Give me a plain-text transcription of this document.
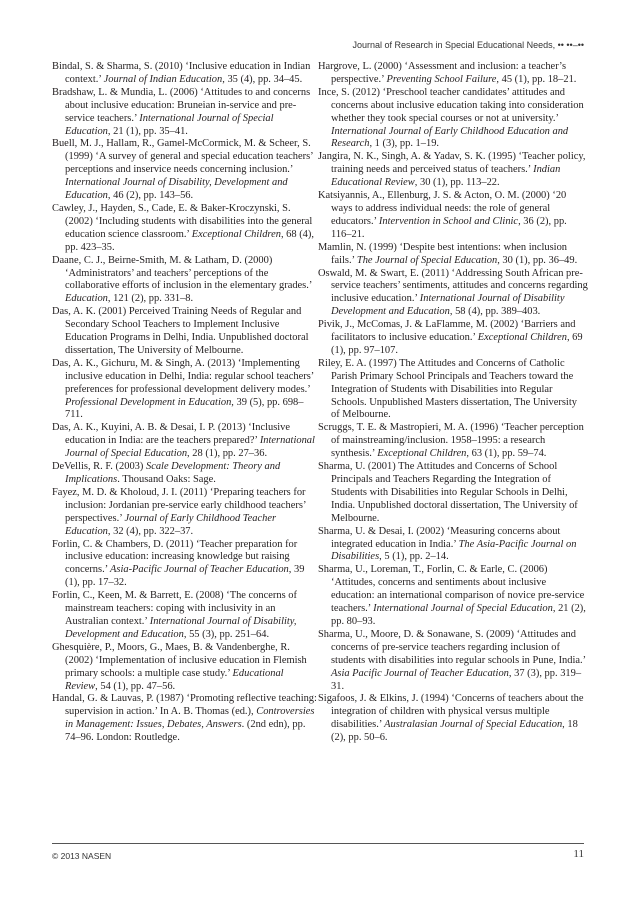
Journal of Research in Special Educational Needs, •• ••–••

Bindal, S. & Sharma, S. (2010) ‘Inclusive education in Indian context.’ Journal of Indian Education, 35 (4), pp. 34–45.

Bradshaw, L. & Mundia, L. (2006) ‘Attitudes to and concerns about inclusive education: Bruneian in-service and pre-service teachers.’ International Journal of Special Education, 21 (1), pp. 35–41.

Buell, M. J., Hallam, R., Gamel-McCormick, M. & Scheer, S. (1999) ‘A survey of general and special education teachers’ perceptions and inservice needs concerning inclusion.’ International Journal of Disability, Development and Education, 46 (2), pp. 143–56.

Cawley, J., Hayden, S., Cade, E. & Baker-Kroczynski, S. (2002) ‘Including students with disabilities into the general education science classroom.’ Exceptional Children, 68 (4), pp. 423–35.

Daane, C. J., Beirne-Smith, M. & Latham, D. (2000) ‘Administrators’ and teachers’ perceptions of the collaborative efforts of inclusion in the elementary grades.’ Education, 121 (2), pp. 331–8.

Das, A. K. (2001) Perceived Training Needs of Regular and Secondary School Teachers to Implement Inclusive Education Programs in Delhi, India. Unpublished doctoral dissertation, The University of Melbourne.

Das, A. K., Gichuru, M. & Singh, A. (2013) ‘Implementing inclusive education in Delhi, India: regular school teachers’ preferences for professional development delivery modes.’ Professional Development in Education, 39 (5), pp. 698–711.

Das, A. K., Kuyini, A. B. & Desai, I. P. (2013) ‘Inclusive education in India: are the teachers prepared?’ International Journal of Special Education, 28 (1), pp. 27–36.

DeVellis, R. F. (2003) Scale Development: Theory and Implications. Thousand Oaks: Sage.

Fayez, M. D. & Kholoud, J. I. (2011) ‘Preparing teachers for inclusion: Jordanian pre-service early childhood teachers’ perspectives.’ Journal of Early Childhood Teacher Education, 32 (4), pp. 322–37.

Forlin, C. & Chambers, D. (2011) ‘Teacher preparation for inclusive education: increasing knowledge but raising concerns.’ Asia-Pacific Journal of Teacher Education, 39 (1), pp. 17–32.

Forlin, C., Keen, M. & Barrett, E. (2008) ‘The concerns of mainstream teachers: coping with inclusivity in an Australian context.’ International Journal of Disability, Development and Education, 55 (3), pp. 251–64.

Ghesquière, P., Moors, G., Maes, B. & Vandenberghe, R. (2002) ‘Implementation of inclusive education in Flemish primary schools: a multiple case study.’ Educational Review, 54 (1), pp. 47–56.

Handal, G. & Lauvas, P. (1987) ‘Promoting reflective teaching: supervision in action.’ In A. B. Thomas (ed.), Controversies in Management: Issues, Debates, Answers. (2nd edn), pp. 74–96. London: Routledge.

Hargrove, L. (2000) ‘Assessment and inclusion: a teacher’s perspective.’ Preventing School Failure, 45 (1), pp. 18–21.

Ince, S. (2012) ‘Preschool teacher candidates’ attitudes and concerns about inclusive education taking into consideration whether they took special courses or not at university.’ International Journal of Early Childhood Education and Research, 1 (3), pp. 1–19.

Jangira, N. K., Singh, A. & Yadav, S. K. (1995) ‘Teacher policy, training needs and perceived status of teachers.’ Indian Educational Review, 30 (1), pp. 113–22.

Katsiyannis, A., Ellenburg, J. S. & Acton, O. M. (2000) ‘20 ways to address individual needs: the role of general educators.’ Intervention in School and Clinic, 36 (2), pp. 116–21.

Mamlin, N. (1999) ‘Despite best intentions: when inclusion fails.’ The Journal of Special Education, 30 (1), pp. 36–49.

Oswald, M. & Swart, E. (2011) ‘Addressing South African pre-service teachers’ sentiments, attitudes and concerns regarding inclusive education.’ International Journal of Disability Development and Education, 58 (4), pp. 389–403.

Pivik, J., McComas, J. & LaFlamme, M. (2002) ‘Barriers and facilitators to inclusive education.’ Exceptional Children, 69 (1), pp. 97–107.

Riley, E. A. (1997) The Attitudes and Concerns of Catholic Parish Primary School Principals and Teachers toward the Integration of Students with Disabilities into Regular Schools. Unpublished Masters dissertation, The University of Melbourne.

Scruggs, T. E. & Mastropieri, M. A. (1996) ‘Teacher perception of mainstreaming/inclusion. 1958–1995: a research synthesis.’ Exceptional Children, 63 (1), pp. 59–74.

Sharma, U. (2001) The Attitudes and Concerns of School Principals and Teachers Regarding the Integration of Students with Disabilities into Regular Schools in Delhi, India. Unpublished doctoral dissertation, The University of Melbourne.

Sharma, U. & Desai, I. (2002) ‘Measuring concerns about integrated education in India.’ The Asia-Pacific Journal on Disabilities, 5 (1), pp. 2–14.

Sharma, U., Loreman, T., Forlin, C. & Earle, C. (2006) ‘Attitudes, concerns and sentiments about inclusive education: an international comparison of novice pre-service teachers.’ International Journal of Special Education, 21 (2), pp. 80–93.

Sharma, U., Moore, D. & Sonawane, S. (2009) ‘Attitudes and concerns of pre-service teachers regarding inclusion of students with disabilities into regular schools in Pune, India.’ Asia Pacific Journal of Teacher Education, 37 (3), pp. 319–31.

Sigafoos, J. & Elkins, J. (1994) ‘Concerns of teachers about the integration of children with physical versus multiple disabilities.’ Australasian Journal of Special Education, 18 (2), pp. 50–6.

© 2013 NASEN	11
